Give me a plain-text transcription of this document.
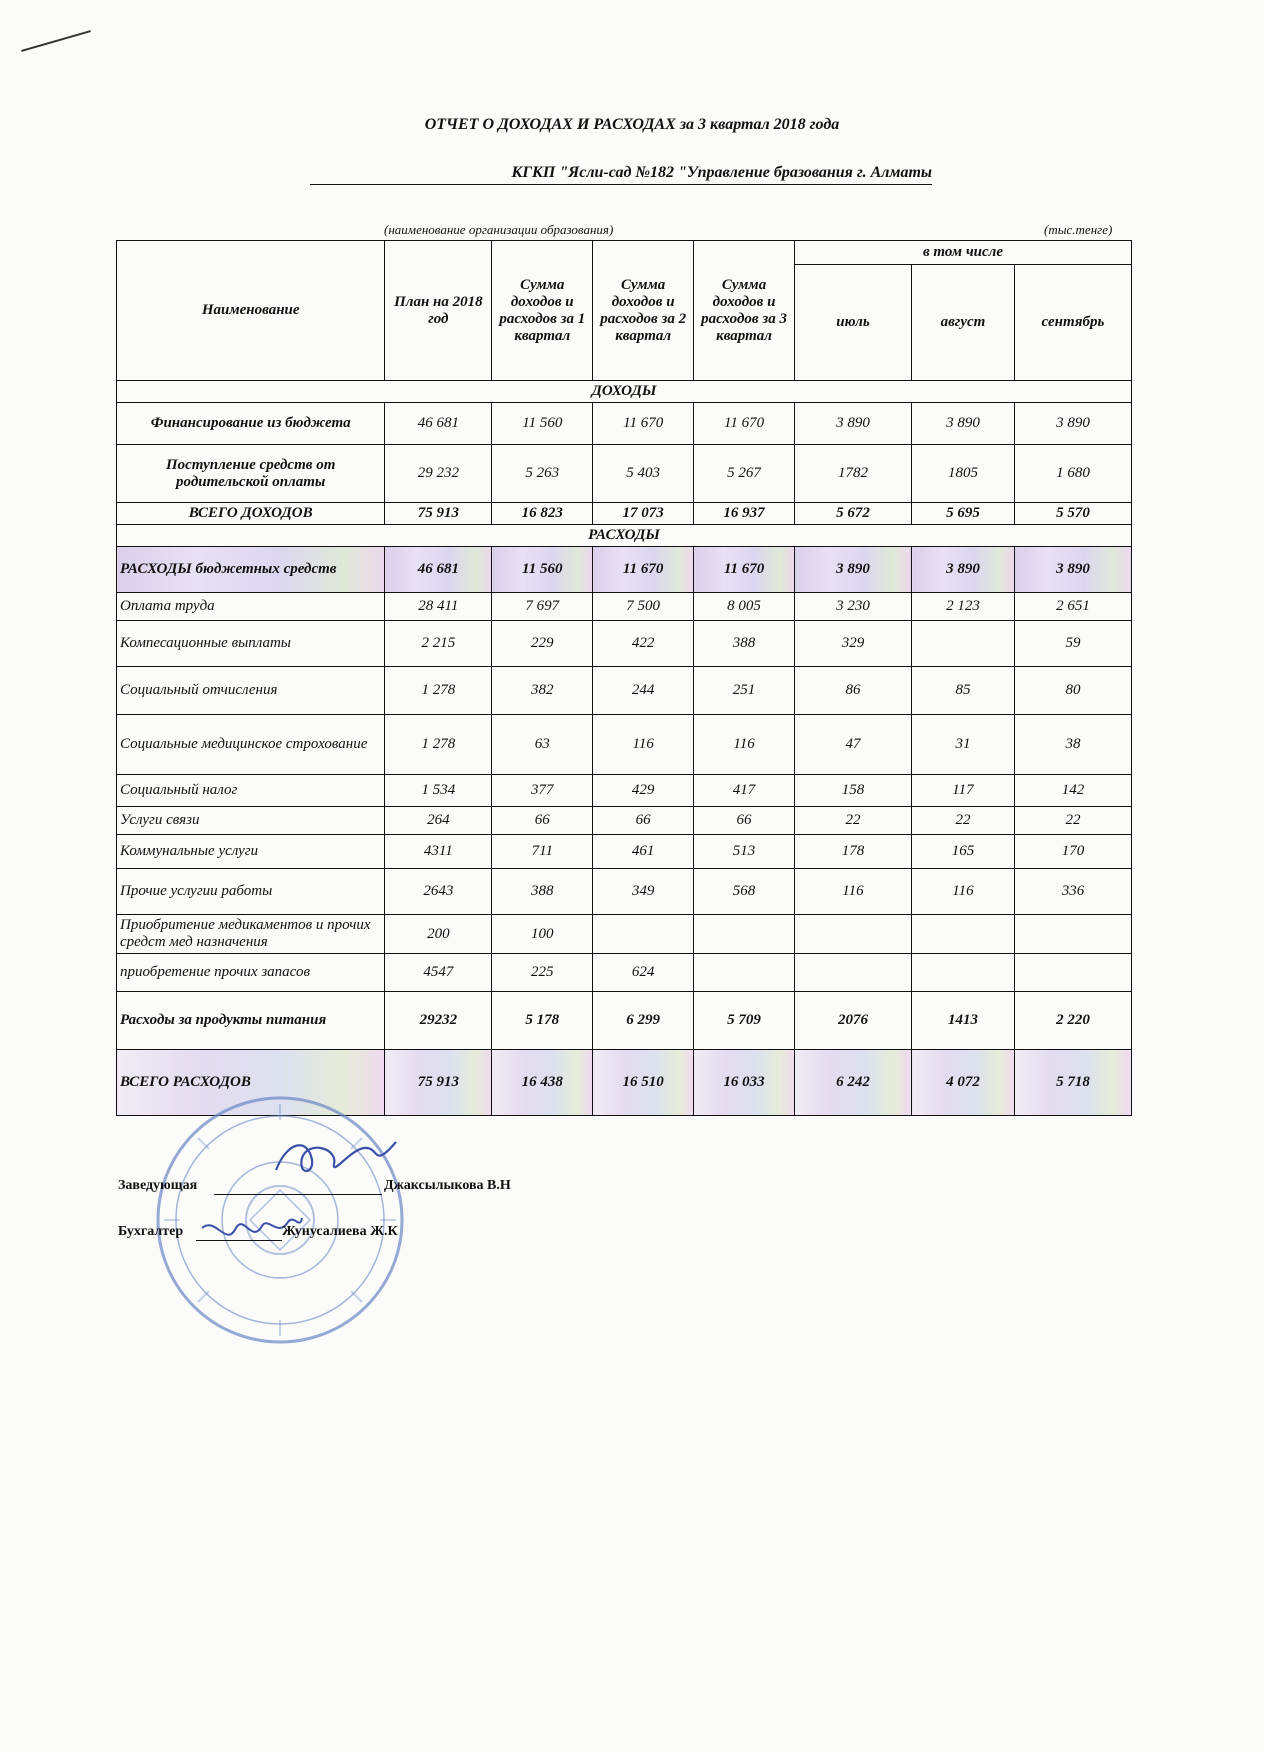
ОТЧЕТ О ДОХОДАХ И РАСХОДАХ за 3 квартал 2018 года
КГКП "Ясли-сад №182 "Управление бразования г. Алматы
(наименование организации образования)	(тыс.тенге)
Наименование	План на 2018 год	Сумма доходов и расходов за 1 квартал	Сумма доходов и расходов за 2 квартал	Сумма доходов и расходов за 3 квартал	в том числе		
					июль	август	сентябрь
ДОХОДЫ							
Финансирование из бюджета	46 681	11 560	11 670	11 670	3 890	3 890	3 890
Поступление средств от родительской оплаты	29 232	5 263	5 403	5 267	1782	1805	1 680
ВСЕГО ДОХОДОВ	75 913	16 823	17 073	16 937	5 672	5 695	5 570
РАСХОДЫ							
РАСХОДЫ бюджетных средств	46 681	11 560	11 670	11 670	3 890	3 890	3 890
Оплата труда	28 411	7 697	7 500	8 005	3 230	2 123	2 651
Компесационные выплаты	2 215	229	422	388	329		59
Социальный отчисления	1 278	382	244	251	86	85	80
Социальные медицинское строхование	1 278	63	116	116	47	31	38
Социальный налог	1 534	377	429	417	158	117	142
Услуги связи	264	66	66	66	22	22	22
Коммунальные услуги	4311	711	461	513	178	165	170
Прочие услугии работы	2643	388	349	568	116	116	336
Приобритение медикаментов и прочих средст мед назначения	200	100					
приобретение прочих запасов	4547	225	624				
Расходы за продукты питания	29232	5 178	6 299	5 709	2076	1413	2 220
ВСЕГО РАСХОДОВ	75 913	16 438	16 510	16 033	6 242	4 072	5 718
Заведующая	Джаксылыкова В.Н
Бухгалтер	Жунусалиева Ж.К
